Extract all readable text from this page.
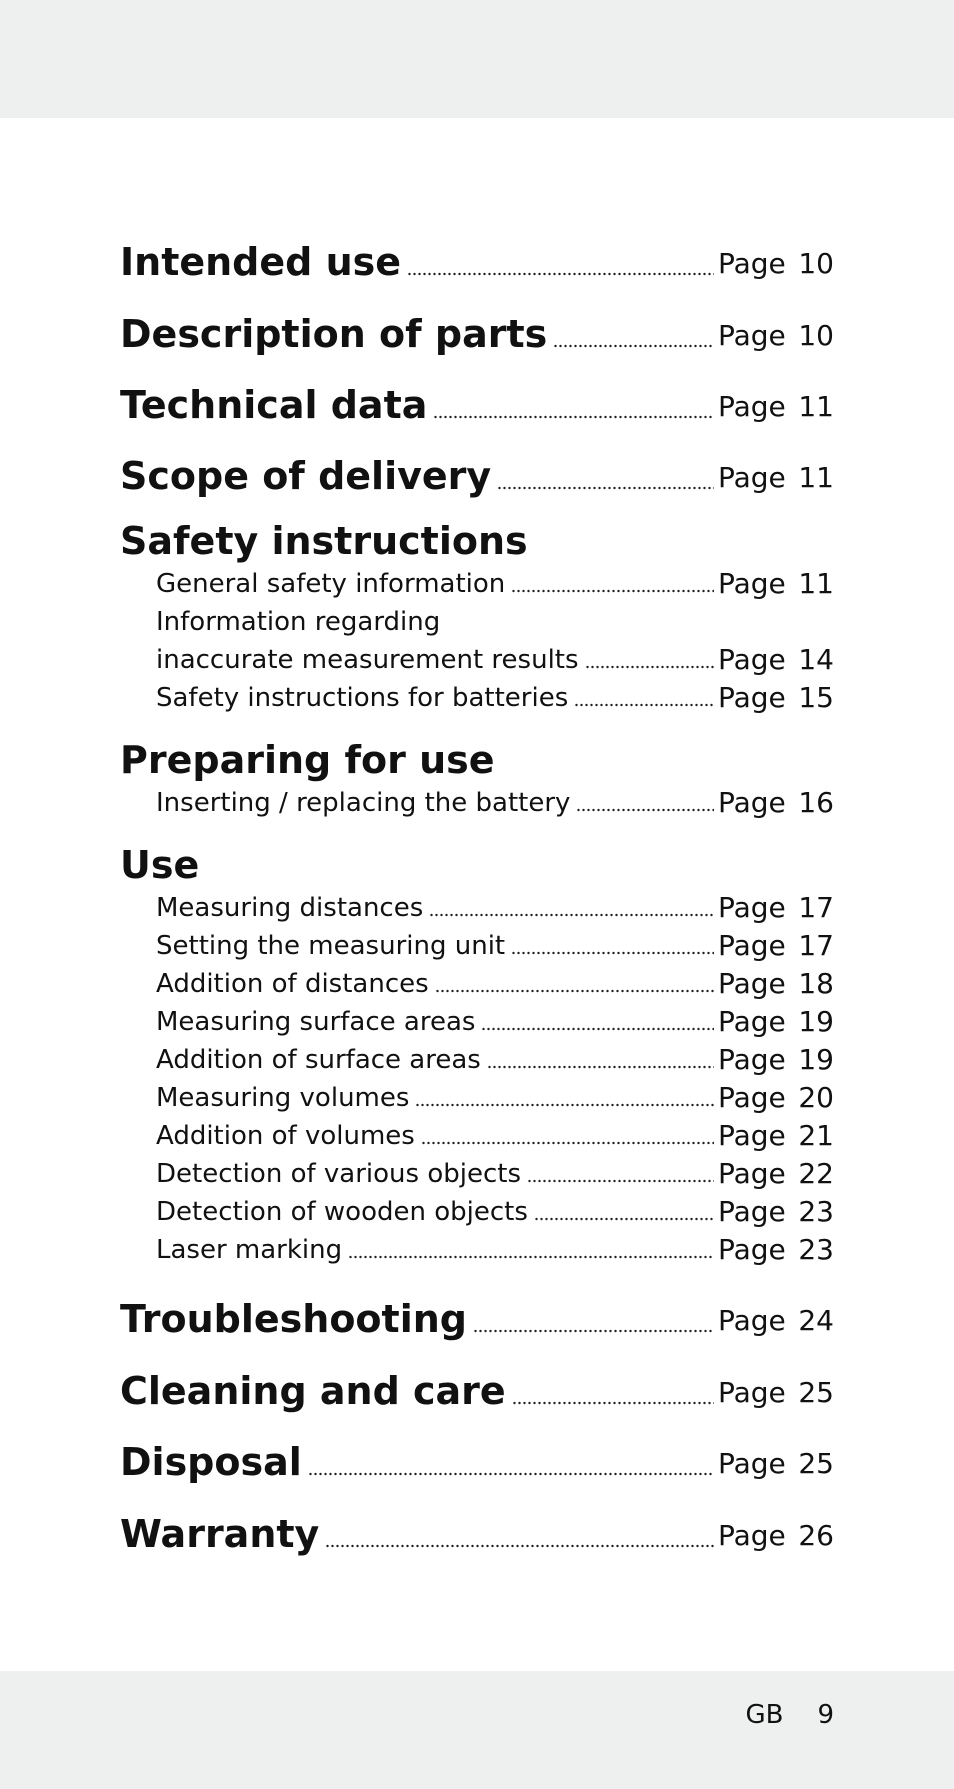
Intended use	Page 10
Description of parts	Page 10
Technical data	Page 11
Scope of delivery	Page 11
Safety instructions
General safety information	Page 11
Information regarding
inaccurate measurement results	Page 14
Safety instructions for batteries	Page 15
Preparing for use
Inserting / replacing the battery	Page 16
Use
Measuring distances	Page 17
Setting the measuring unit	Page 17
Addition of distances	Page 18
Measuring surface areas	Page 19
Addition of surface areas	Page 19
Measuring volumes	Page 20
Addition of volumes	Page 21
Detection of various objects	Page 22
Detection of wooden objects	Page 23
Laser marking	Page 23
Troubleshooting	Page 24
Cleaning and care	Page 25
Disposal	Page 25
Warranty	Page 26
GB 9
